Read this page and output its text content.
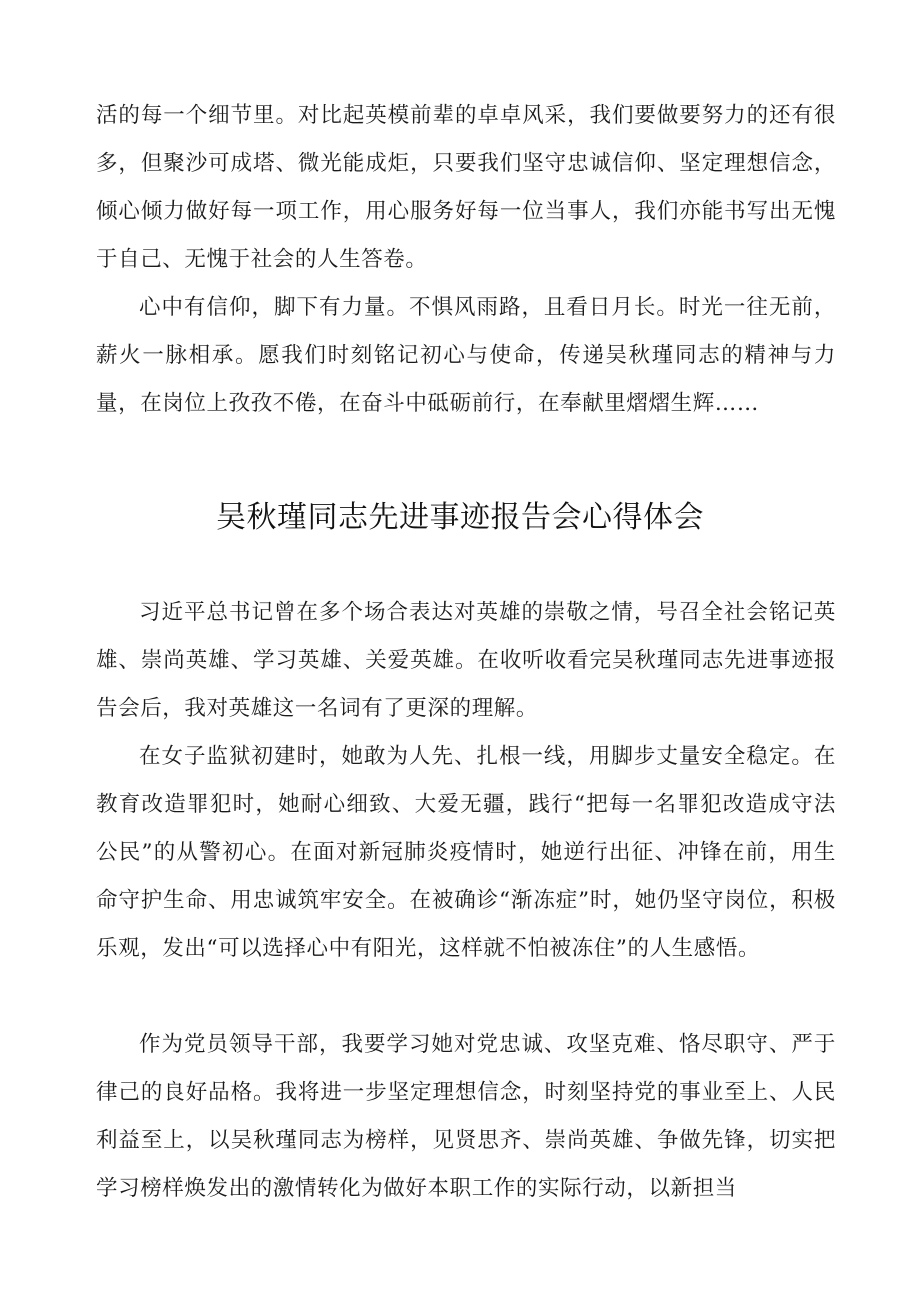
活的每一个细节里。对比起英模前辈的卓卓风采，我们要做要努力的还有很多，但聚沙可成塔、微光能成炬，只要我们坚守忠诚信仰、坚定理想信念，倾心倾力做好每一项工作，用心服务好每一位当事人，我们亦能书写出无愧于自己、无愧于社会的人生答卷。

心中有信仰，脚下有力量。不惧风雨路，且看日月长。时光一往无前，薪火一脉相承。愿我们时刻铭记初心与使命，传递吴秋瑾同志的精神与力量，在岗位上孜孜不倦，在奋斗中砥砺前行，在奉献里熠熠生辉……

吴秋瑾同志先进事迹报告会心得体会

习近平总书记曾在多个场合表达对英雄的崇敬之情，号召全社会铭记英雄、崇尚英雄、学习英雄、关爱英雄。在收听收看完吴秋瑾同志先进事迹报告会后，我对英雄这一名词有了更深的理解。

在女子监狱初建时，她敢为人先、扎根一线，用脚步丈量安全稳定。在教育改造罪犯时，她耐心细致、大爱无疆，践行“把每一名罪犯改造成守法公民”的从警初心。在面对新冠肺炎疫情时，她逆行出征、冲锋在前，用生命守护生命、用忠诚筑牢安全。在被确诊“渐冻症”时，她仍坚守岗位，积极乐观，发出“可以选择心中有阳光，这样就不怕被冻住”的人生感悟。

作为党员领导干部，我要学习她对党忠诚、攻坚克难、恪尽职守、严于律己的良好品格。我将进一步坚定理想信念，时刻坚持党的事业至上、人民利益至上，以吴秋瑾同志为榜样，见贤思齐、崇尚英雄、争做先锋，切实把学习榜样焕发出的激情转化为做好本职工作的实际行动，以新担当
